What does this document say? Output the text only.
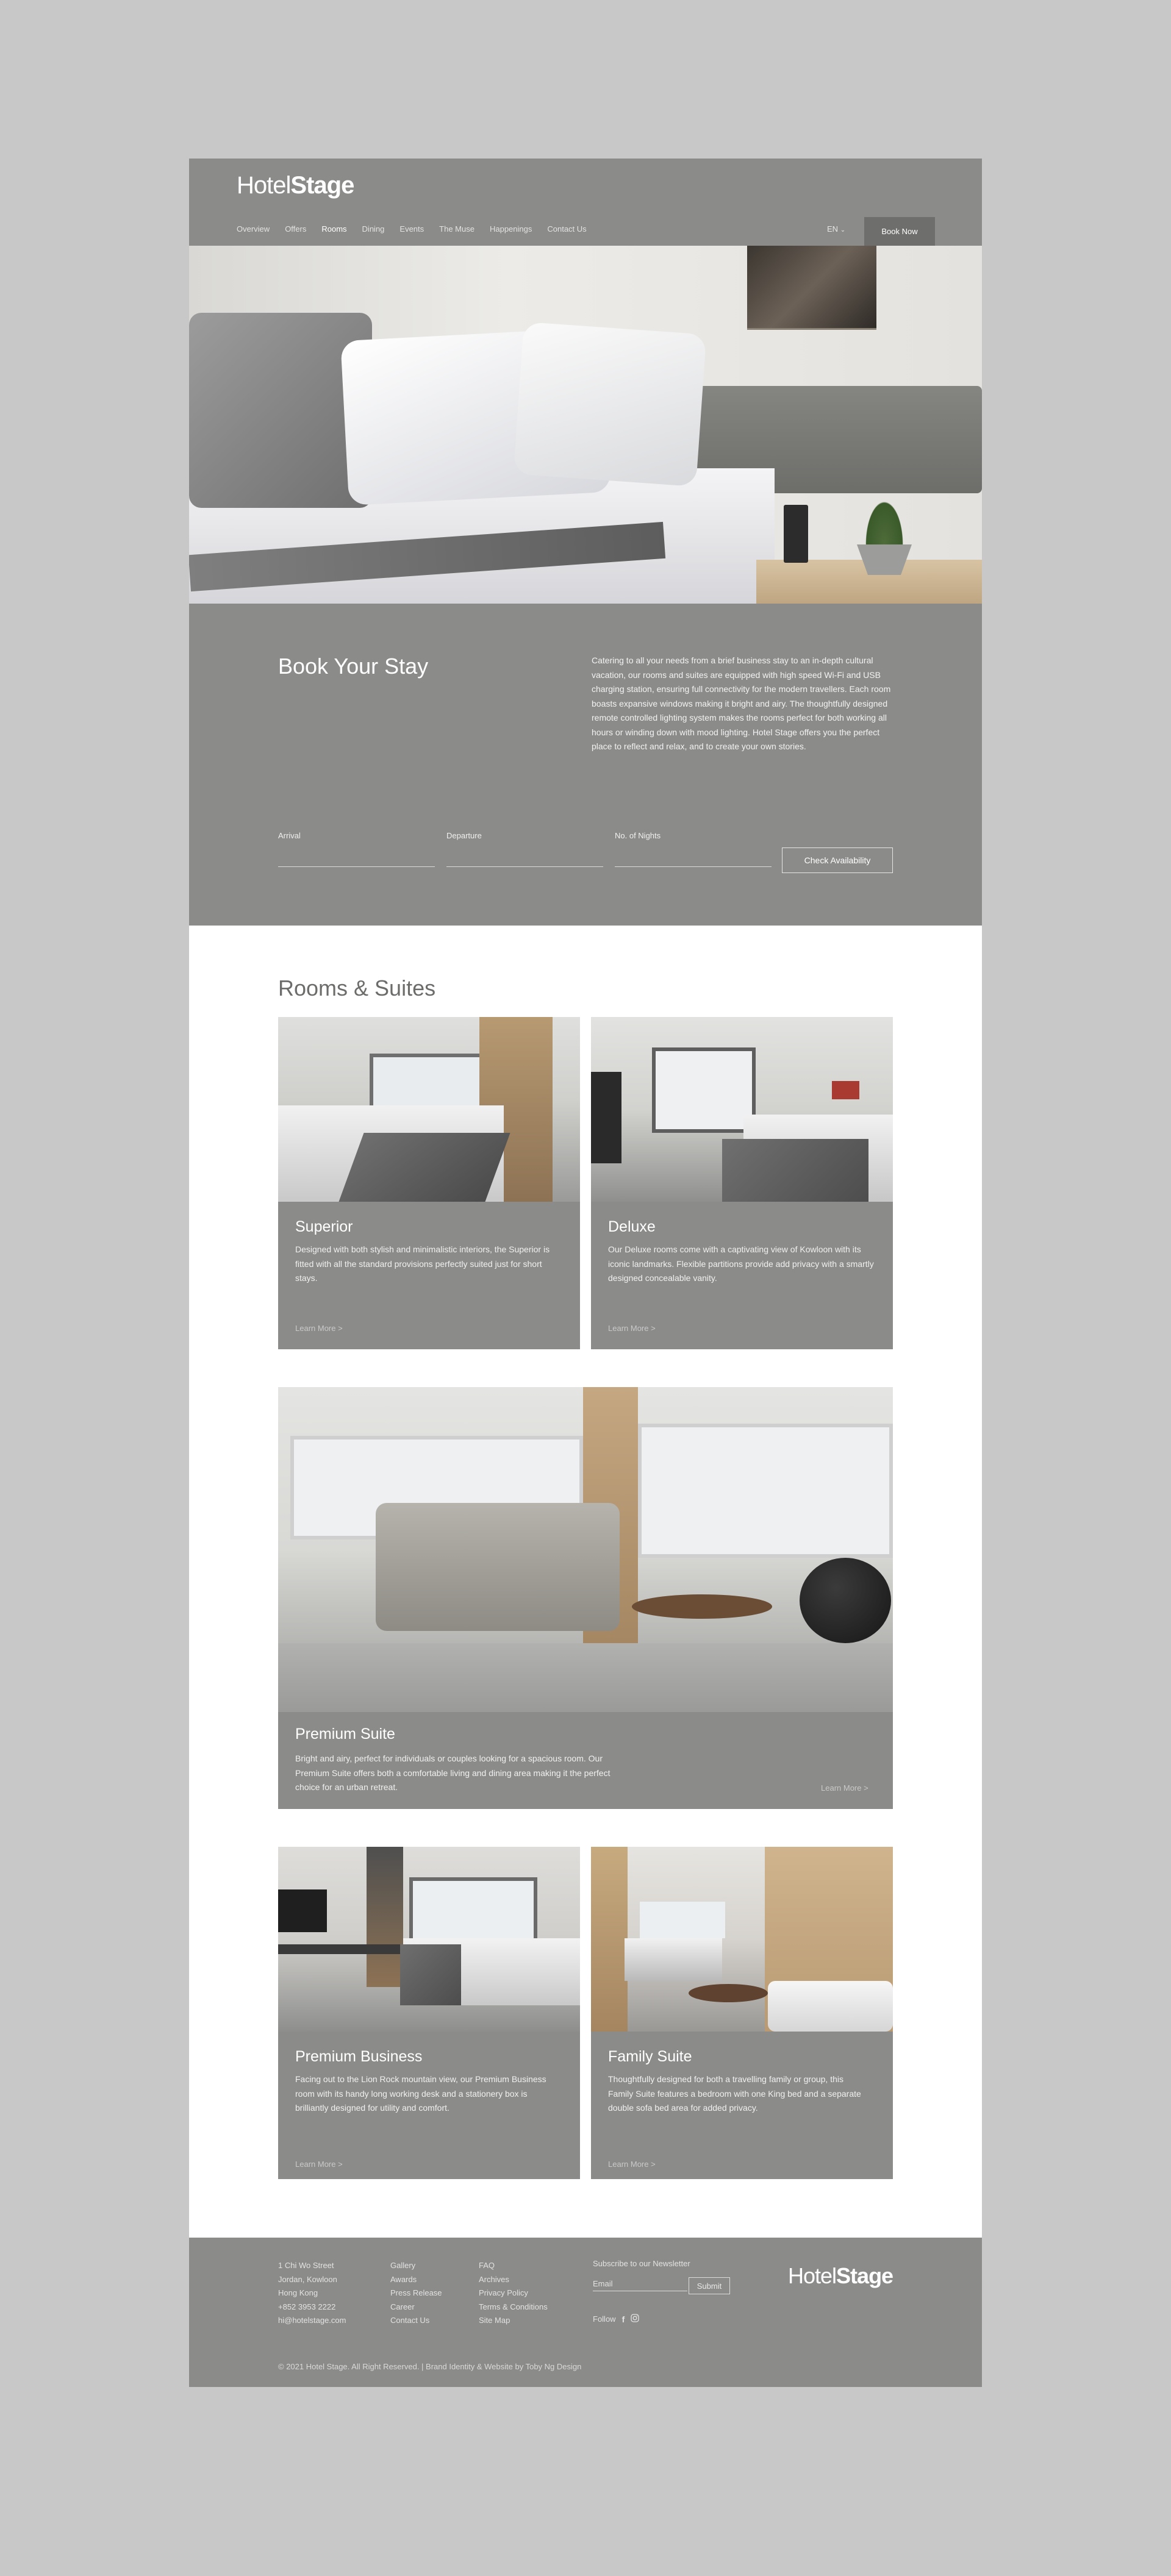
HotelStage
Overview Offers Rooms Dining Events The Muse Happenings Contact Us	EN ⌄	Book Now
Book Your Stay	Catering to all your needs from a brief business stay to an in-depth cultural vacation, our rooms and suites are equipped with high speed Wi-Fi and USB charging station, ensuring full connectivity for the modern travellers. Each room boasts expansive windows making it bright and airy. The thoughtfully designed remote controlled lighting system makes the rooms perfect for both working all hours or winding down with mood lighting. Hotel Stage offers you the perfect place to reflect and relax, and to create your own stories.

Arrival	Departure	No. of Nights
Check Availability
Rooms & Suites
Superior

Designed with both stylish and minimalistic interiors, the Superior is fitted with all the standard provisions perfectly suited just for short stays.

Learn More >
Deluxe

Our Deluxe rooms come with a captivating view of Kowloon with its iconic landmarks. Flexible partitions provide add privacy with a smartly designed concealable vanity.

Learn More >
Premium Suite

Bright and airy, perfect for individuals or couples looking for a spacious room. Our Premium Suite offers both a comfortable living and dining area making it the perfect choice for an urban retreat.	Learn More >
Premium Business

Facing out to the Lion Rock mountain view, our Premium Business room with its handy long working desk and a stationery box is brilliantly designed for utility and comfort.

Learn More >
Family Suite

Thoughtfully designed for both a travelling family or group, this Family Suite features a bedroom with one King bed and a separate double sofa bed area for added privacy.

Learn More >
1 Chi Wo Street
Jordan, Kowloon
Hong Kong
+852 3953 2222
hi@hotelstage.com
Gallery
Awards
Press Release
Career
Contact Us
FAQ
Archives
Privacy Policy
Terms & Conditions
Site Map
Subscribe to our Newsletter
Email	Submit
Follow f
HotelStage
© 2021 Hotel Stage. All Right Reserved. | Brand Identity & Website by Toby Ng Design
